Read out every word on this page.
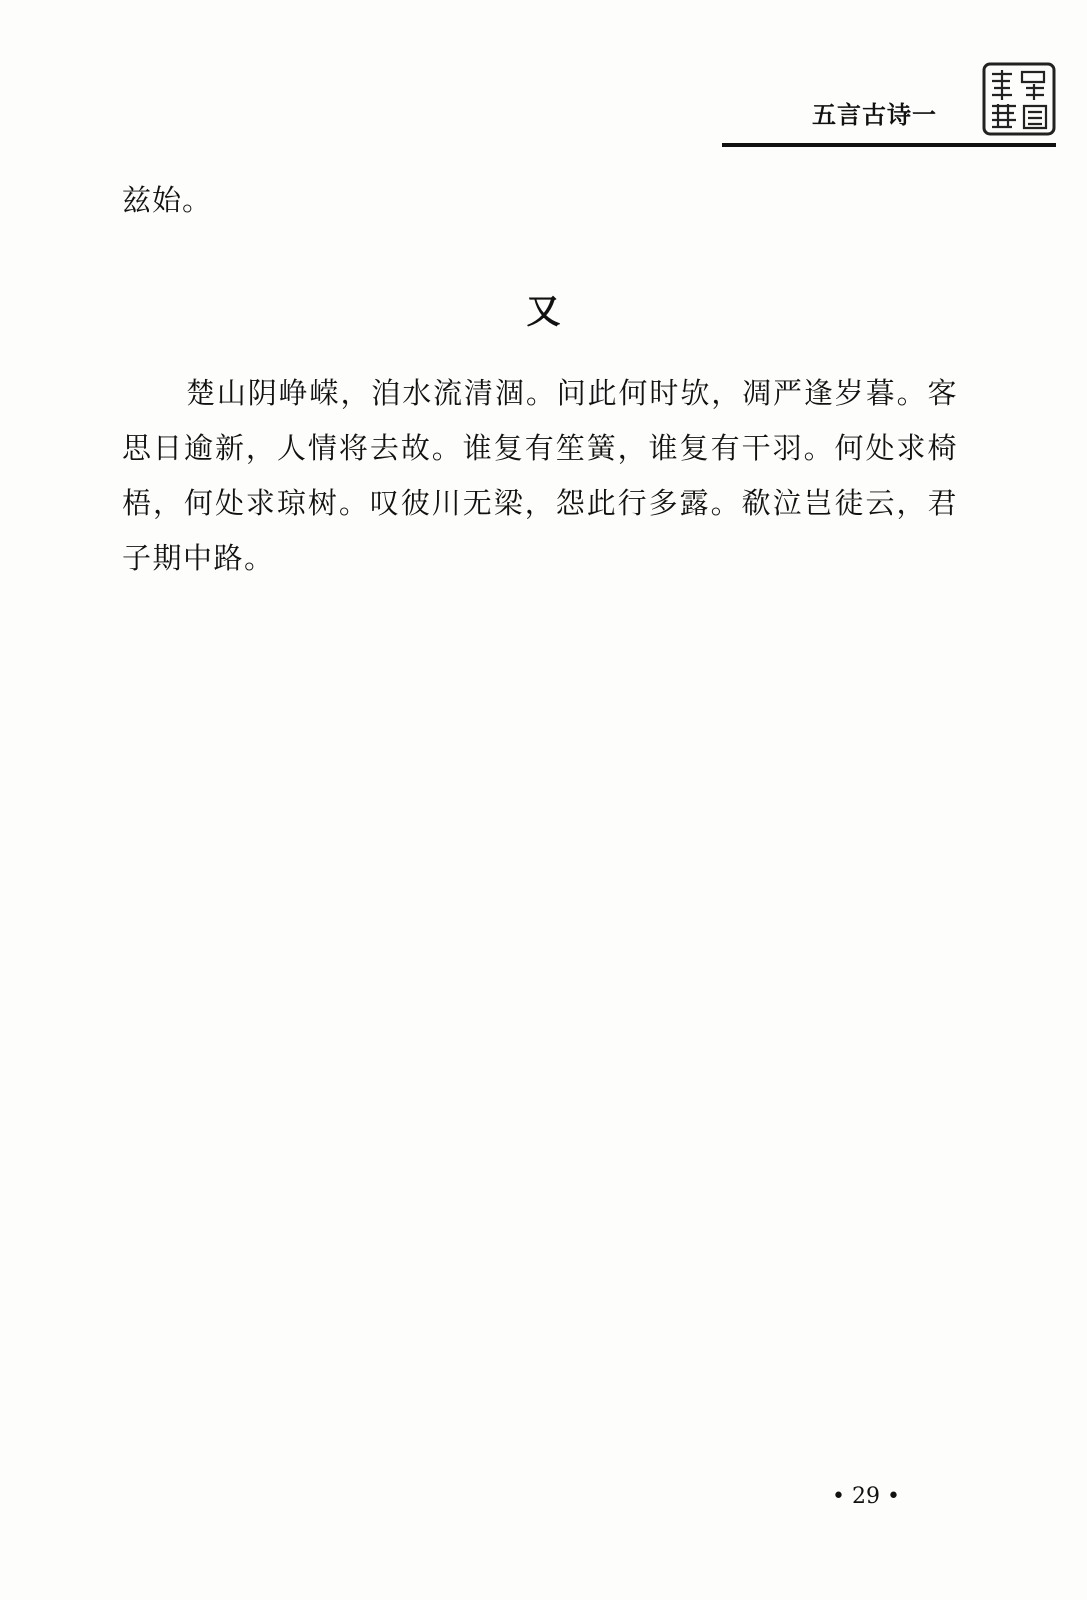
五言古诗一
兹始。
又
楚山阴峥嵘，洎水流清涸。问此何时欤，凋严逢岁暮。客思日逾新，人情将去故。谁复有笙簧，谁复有干羽。何处求椅梧，何处求琼树。叹彼川无梁，怨此行多露。欷泣岂徒云，君子期中路。
• 29 •
